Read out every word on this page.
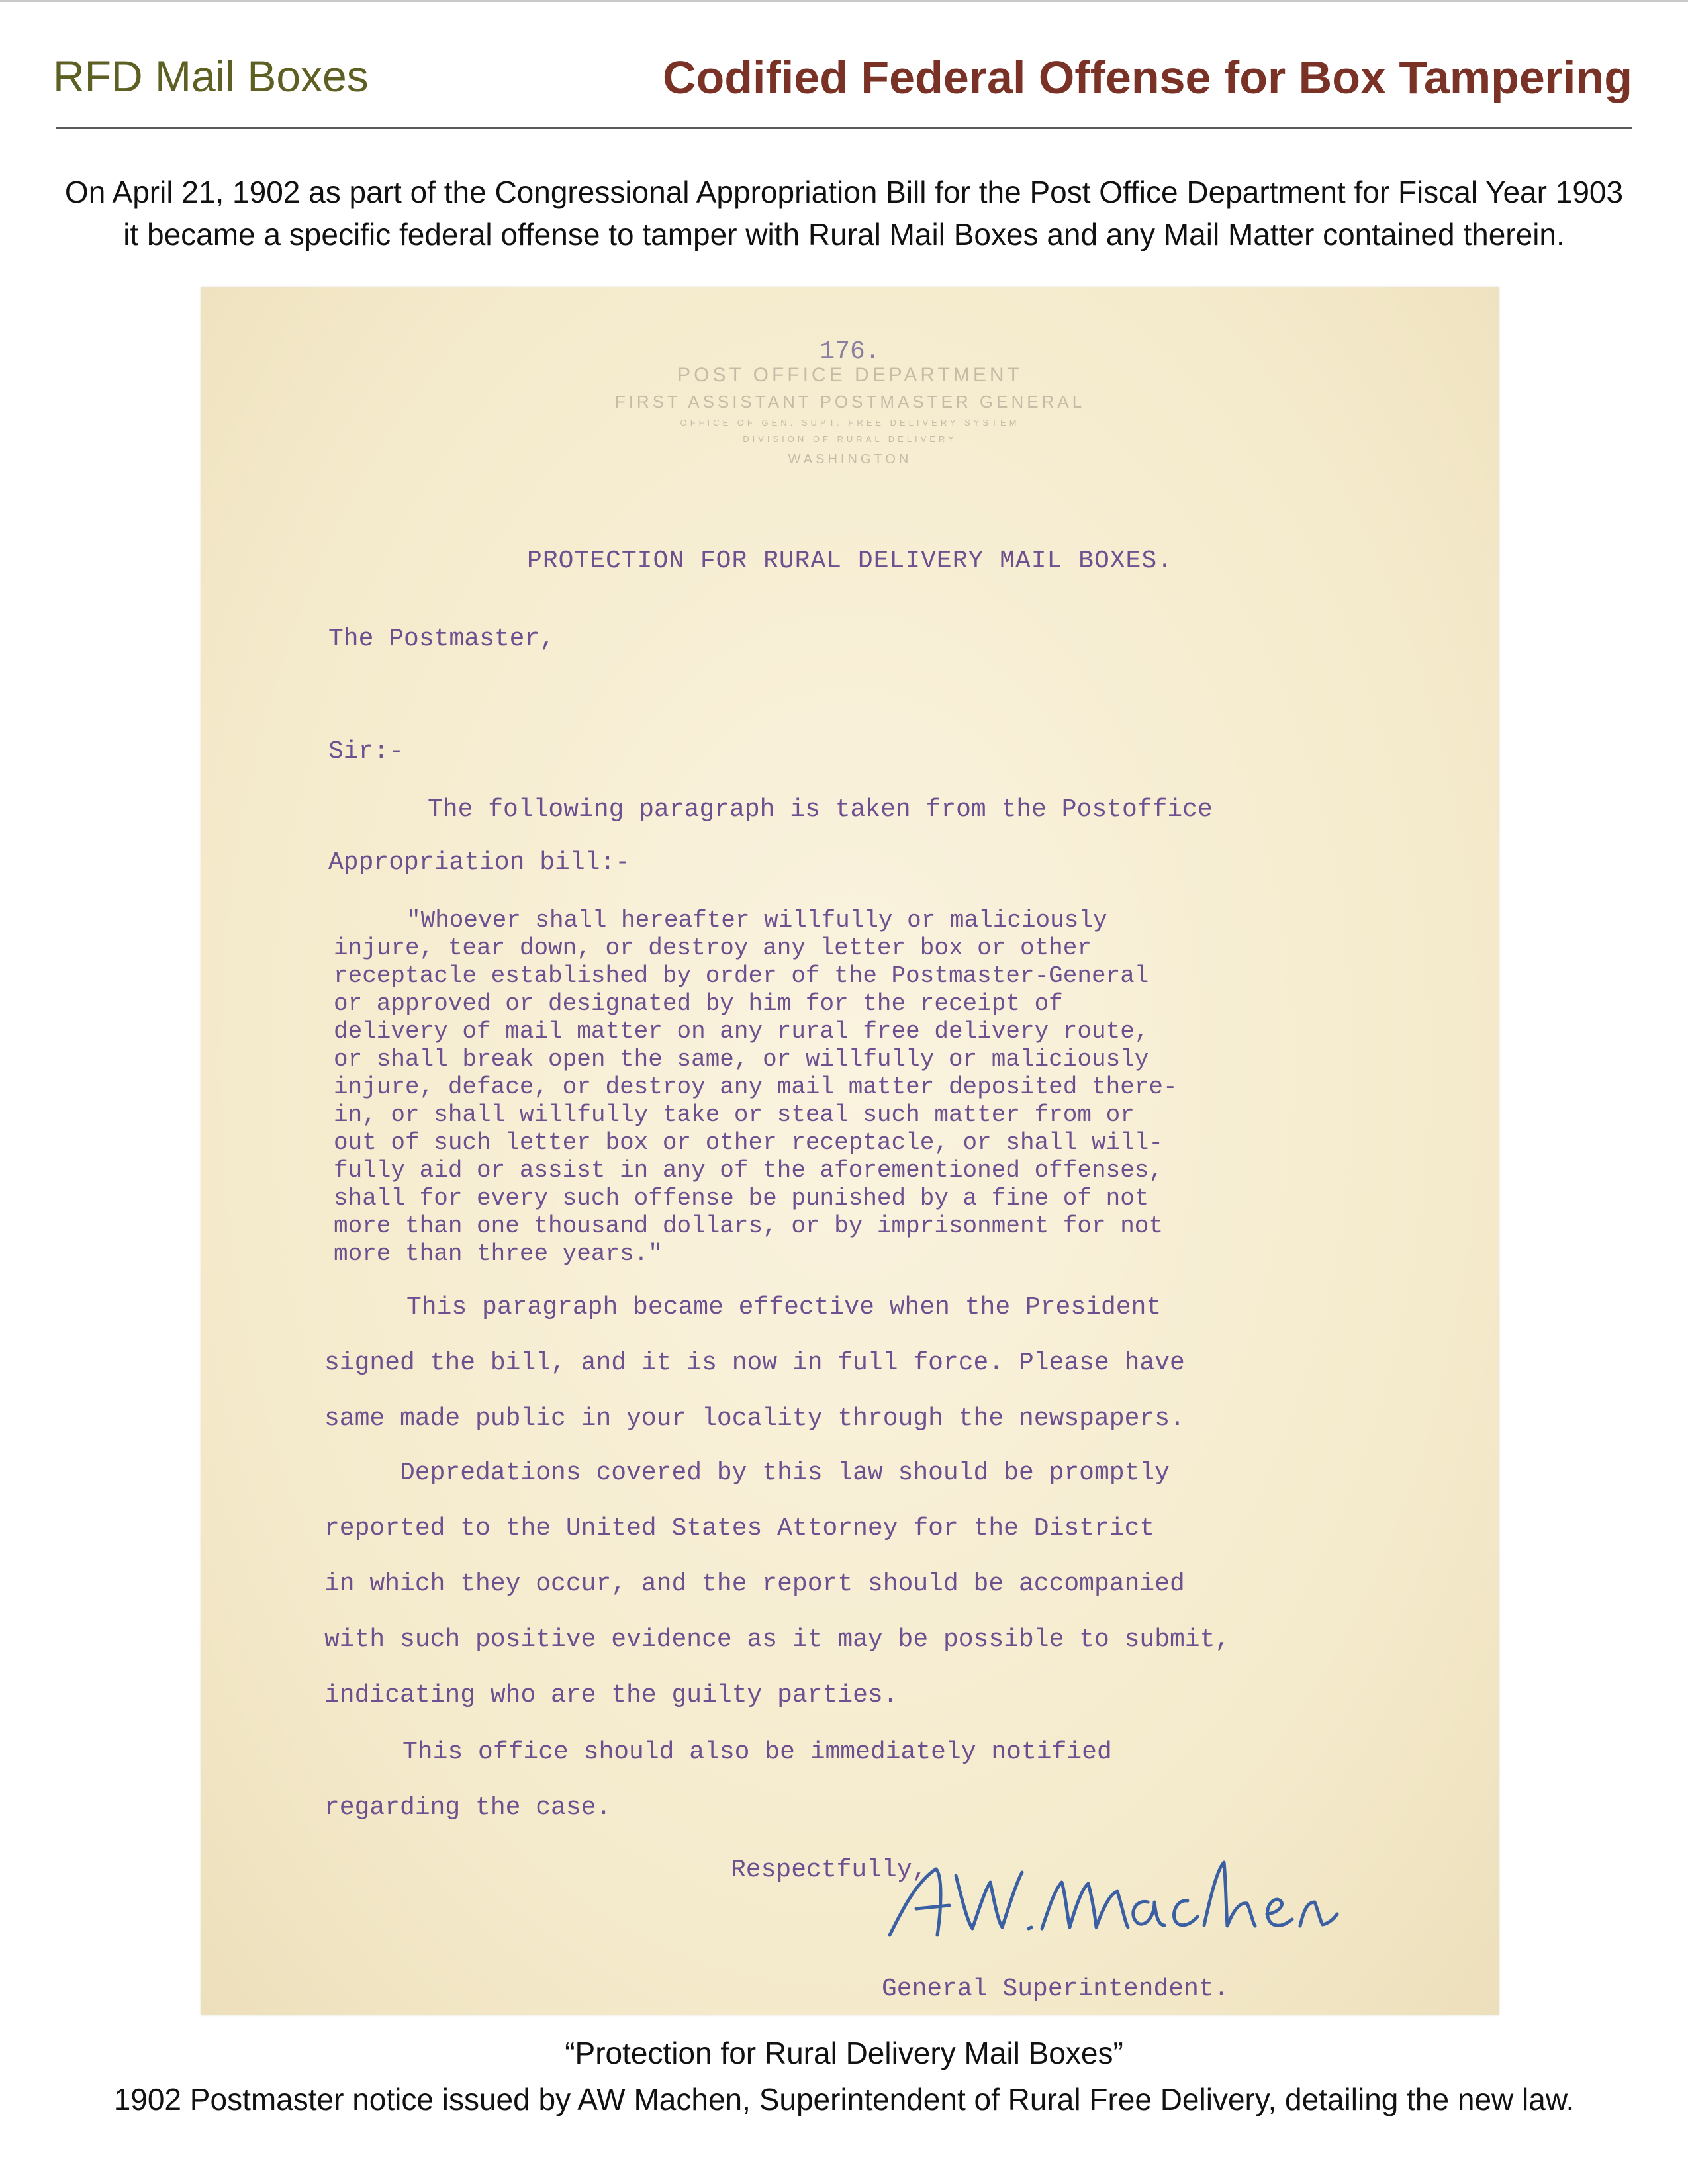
RFD Mail Boxes	Codified Federal Offense for Box Tampering
On April 21, 1902 as part of the Congressional Appropriation Bill for the Post Office Department for Fiscal Year 1903
it became a specific federal offense to tamper with Rural Mail Boxes and any Mail Matter contained therein.
176.
POST OFFICE DEPARTMENT
FIRST ASSISTANT POSTMASTER GENERAL
OFFICE OF GEN. SUPT. FREE DELIVERY SYSTEM
DIVISION OF RURAL DELIVERY
WASHINGTON
PROTECTION FOR RURAL DELIVERY MAIL BOXES.
The Postmaster,
Sir:-
The following paragraph is taken from the Postoffice
Appropriation bill:-
"Whoever shall hereafter willfully or maliciously
injure, tear down, or destroy any letter box or other
receptacle established by order of the Postmaster-General
or approved or designated by him for the receipt of
delivery of mail matter on any rural free delivery route,
or shall break open the same, or willfully or maliciously
injure, deface, or destroy any mail matter deposited there-
in, or shall willfully take or steal such matter from or
out of such letter box or other receptacle, or shall will-
fully aid or assist in any of the aforementioned offenses,
shall for every such offense be punished by a fine of not
more than one thousand dollars, or by imprisonment for not
more than three years."
This paragraph became effective when the President
signed the bill, and it is now in full force. Please have
same made public in your locality through the newspapers.
Depredations covered by this law should be promptly
reported to the United States Attorney for the District
in which they occur, and the report should be accompanied
with such positive evidence as it may be possible to submit,
indicating who are the guilty parties.
This office should also be immediately notified
regarding the case.
Respectfully,
A.W. Machen
General Superintendent.
“Protection for Rural Delivery Mail Boxes”
1902 Postmaster notice issued by AW Machen, Superintendent of Rural Free Delivery, detailing the new law.
